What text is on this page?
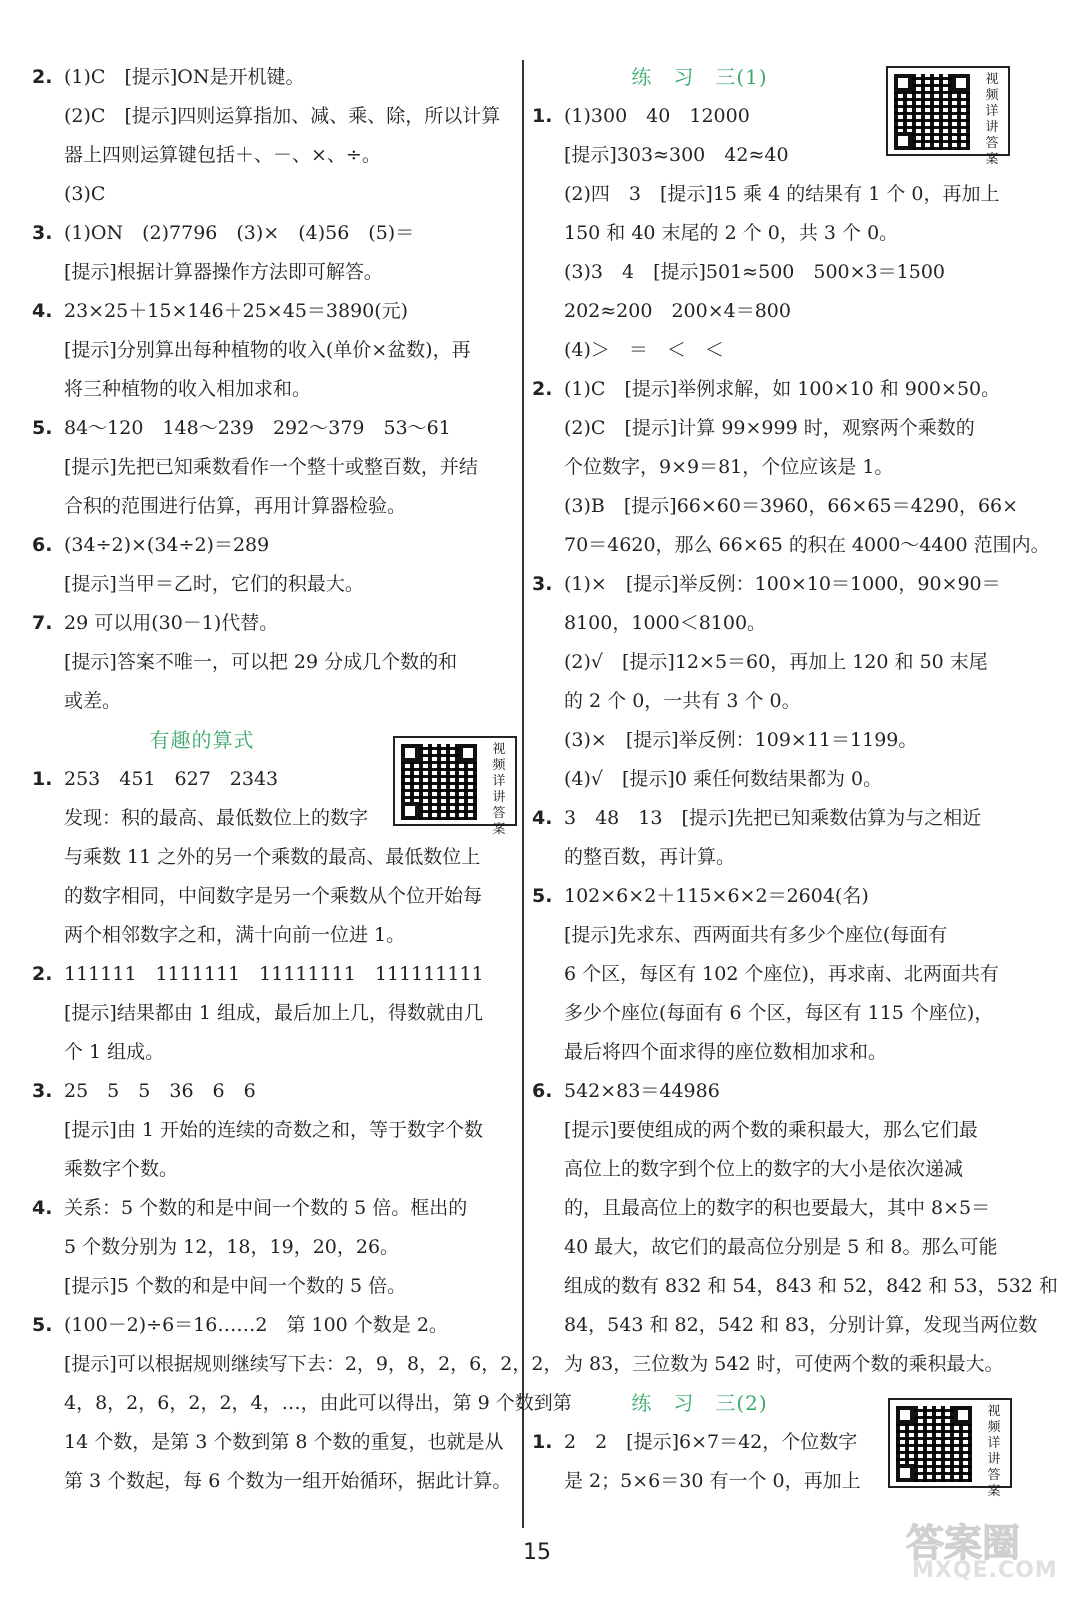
2. (1)C　[提示]ON是开机键。
(2)C　[提示]四则运算指加、减、乘、除，所以计算
器上四则运算键包括＋、－、×、÷。
(3)C
3. (1)ON　(2)7796　(3)×　(4)56　(5)＝
[提示]根据计算器操作方法即可解答。
4. 23×25＋15×146＋25×45＝3890(元)
[提示]分别算出每种植物的收入(单价×盆数)，再
将三种植物的收入相加求和。
5. 84～120　148～239　292～379　53～61
[提示]先把已知乘数看作一个整十或整百数，并结
合积的范围进行估算，再用计算器检验。
6. (34÷2)×(34÷2)＝289
[提示]当甲＝乙时，它们的积最大。
7. 29 可以用(30－1)代替。
[提示]答案不唯一，可以把 29 分成几个数的和
或差。
有趣的算式
1. 253　451　627　2343
发现：积的最高、最低数位上的数字
与乘数 11 之外的另一个乘数的最高、最低数位上
的数字相同，中间数字是另一个乘数从个位开始每
两个相邻数字之和，满十向前一位进 1。
2. 111111　1111111　11111111　111111111
[提示]结果都由 1 组成，最后加上几，得数就由几
个 1 组成。
3. 25　5　5　36　6　6
[提示]由 1 开始的连续的奇数之和，等于数字个数
乘数字个数。
4. 关系：5 个数的和是中间一个数的 5 倍。框出的
5 个数分别为 12，18，19，20，26。
[提示]5 个数的和是中间一个数的 5 倍。
5. (100－2)÷6＝16……2　第 100 个数是 2。
[提示]可以根据规则继续写下去：2，9，8，2，6，2，2，
4，8，2，6，2，2，4，…，由此可以得出，第 9 个数到第
14 个数，是第 3 个数到第 8 个数的重复，也就是从
第 3 个数起，每 6 个数为一组开始循环，据此计算。
练　习　三(1)
1. (1)300　40　12000
[提示]303≈300　42≈40
(2)四　3　[提示]15 乘 4 的结果有 1 个 0，再加上
150 和 40 末尾的 2 个 0，共 3 个 0。
(3)3　4　[提示]501≈500　500×3＝1500
202≈200　200×4＝800
(4)＞　＝　＜　＜
2. (1)C　[提示]举例求解，如 100×10 和 900×50。
(2)C　[提示]计算 99×999 时，观察两个乘数的
个位数字，9×9＝81，个位应该是 1。
(3)B　[提示]66×60＝3960，66×65＝4290，66×
70＝4620，那么 66×65 的积在 4000～4400 范围内。
3. (1)×　[提示]举反例：100×10＝1000，90×90＝
8100，1000＜8100。
(2)√　[提示]12×5＝60，再加上 120 和 50 末尾
的 2 个 0，一共有 3 个 0。
(3)×　[提示]举反例：109×11＝1199。
(4)√　[提示]0 乘任何数结果都为 0。
4. 3　48　13　[提示]先把已知乘数估算为与之相近
的整百数，再计算。
5. 102×6×2＋115×6×2＝2604(名)
[提示]先求东、西两面共有多少个座位(每面有
6 个区，每区有 102 个座位)，再求南、北两面共有
多少个座位(每面有 6 个区，每区有 115 个座位)，
最后将四个面求得的座位数相加求和。
6. 542×83＝44986
[提示]要使组成的两个数的乘积最大，那么它们最
高位上的数字到个位上的数字的大小是依次递减
的，且最高位上的数字的积也要最大，其中 8×5＝
40 最大，故它们的最高位分别是 5 和 8。那么可能
组成的数有 832 和 54，843 和 52，842 和 53，532 和
84，543 和 82，542 和 83，分别计算，发现当两位数
为 83，三位数为 542 时，可使两个数的乘积最大。
练　习　三(2)
1. 2　2　[提示]6×7＝42，个位数字
是 2；5×6＝30 有一个 0，再加上
视频详讲答案
视频详讲答案
视频详讲答案
15	答案圈
MXQE.COM
